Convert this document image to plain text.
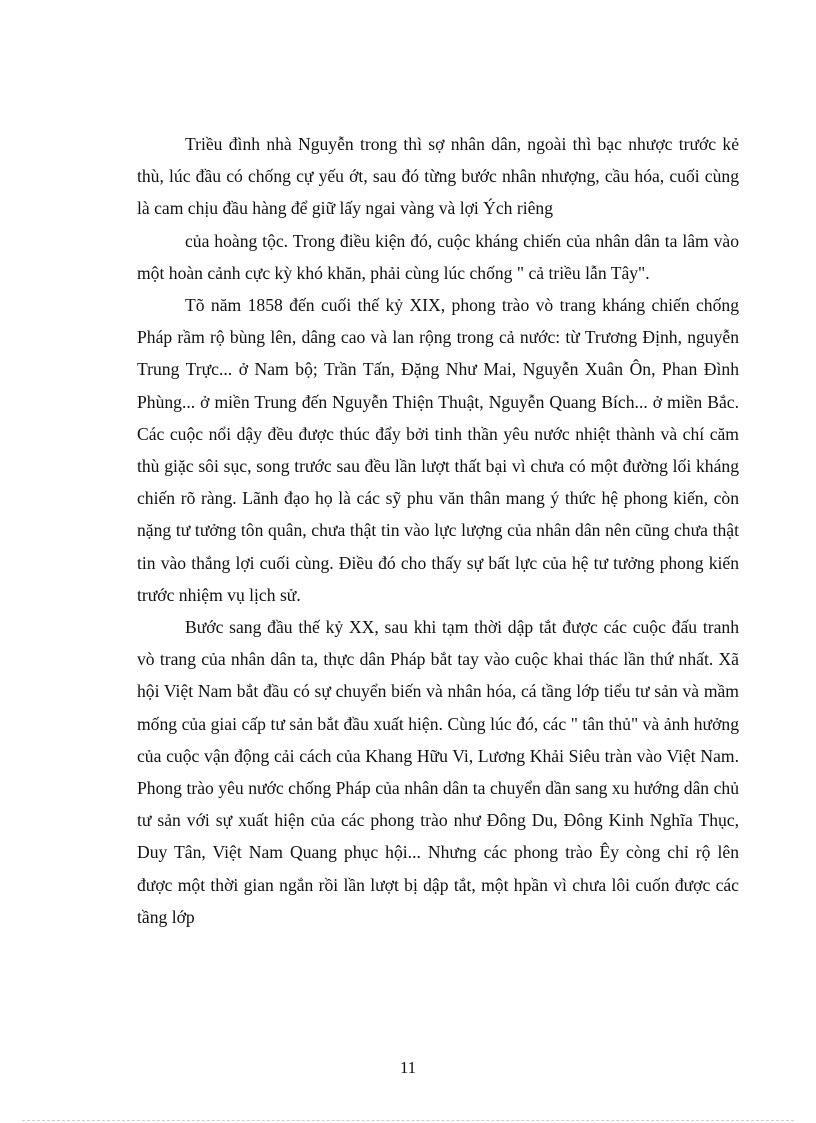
Triều đình nhà Nguyễn trong thì sợ nhân dân, ngoài thì bạc nhược trước kẻ thù, lúc đầu có chống cự yếu ớt, sau đó từng bước nhân nhượng, cầu hóa, cuối cùng là cam chịu đầu hàng để giữ lấy ngai vàng và lợi Ých riêng

của hoàng tộc. Trong điều kiện đó, cuộc kháng chiến của nhân dân ta lâm vào một hoàn cảnh cực kỳ khó khăn, phải cùng lúc chống " cả triều lẫn Tây".

Tõ năm 1858 đến cuối thế kỷ XIX, phong trào vò trang kháng chiến chống Pháp rầm rộ bùng lên, dâng cao và lan rộng trong cả nước: từ Trương Định, nguyễn Trung Trực... ở Nam bộ; Trần Tấn, Đặng Như Mai, Nguyễn Xuân Ôn, Phan Đình Phùng... ở miền Trung đến Nguyễn Thiện Thuật, Nguyễn Quang Bích... ở miền Bắc. Các cuộc nổi dậy đều được thúc đẩy bởi tinh thần yêu nước nhiệt thành và chí căm thù giặc sôi sục, song trước sau đều lần lượt thất bại vì chưa có một đường lối kháng chiến rõ ràng. Lãnh đạo họ là các sỹ phu văn thân mang ý thức hệ phong kiến, còn nặng tư tưởng tôn quân, chưa thật tin vào lực lượng của nhân dân nên cũng chưa thật tin vào thắng lợi cuối cùng. Điều đó cho thấy sự bất lực của hệ tư tưởng phong kiến trước nhiệm vụ lịch sử.

Bước sang đầu thế kỷ XX, sau khi tạm thời dập tắt được các cuộc đấu tranh vò trang của nhân dân ta, thực dân Pháp bắt tay vào cuộc khai thác lần thứ nhất. Xã hội Việt Nam bắt đầu có sự chuyển biến và nhân hóa, cá tầng lớp tiểu tư sản và mầm mống của giai cấp tư sản bắt đầu xuất hiện. Cùng lúc đó, các " tân thủ" và ảnh hưởng của cuộc vận động cải cách của Khang Hữu Vi, Lương Khải Siêu tràn vào Việt Nam. Phong trào yêu nước chống Pháp của nhân dân ta chuyển dần sang xu hướng dân chủ tư sản với sự xuất hiện của các phong trào như Đông Du, Đông Kinh Nghĩa Thục, Duy Tân, Việt Nam Quang phục hội... Nhưng các phong trào Êy còng chỉ rộ lên được một thời gian ngắn rồi lần lượt bị dập tắt, một hpần vì chưa lôi cuốn được các tầng lớp

11
